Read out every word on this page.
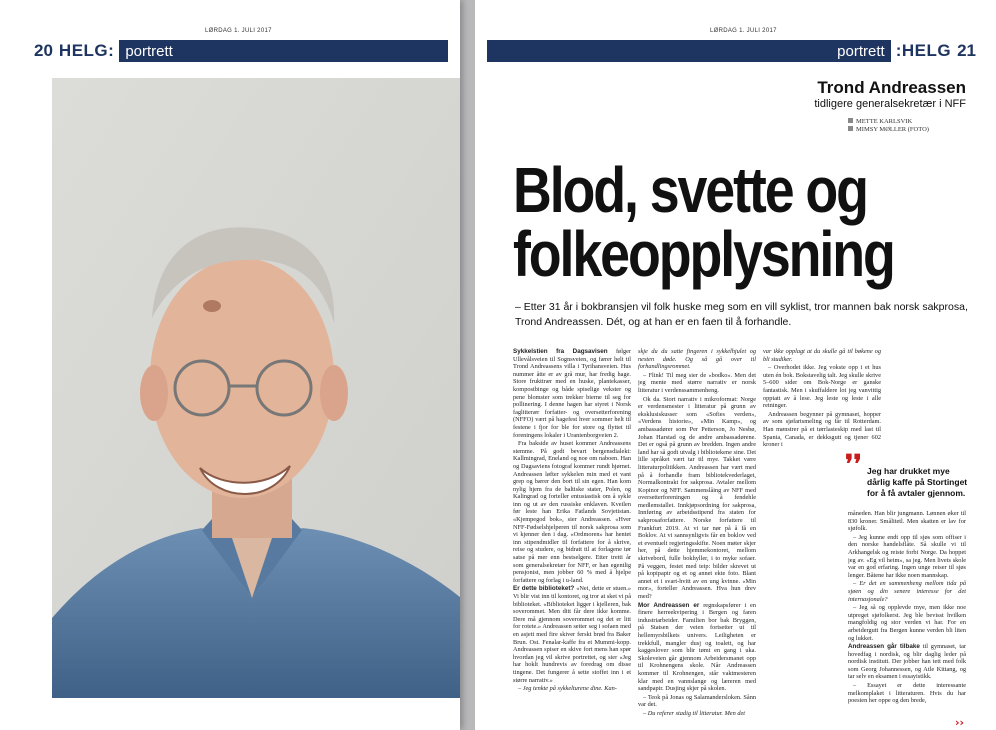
LØRDAG 1. JULI 2017
20 HELG: portrett
LØRDAG 1. JULI 2017
portrett :HELG 21
Trond Andreassen
tidligere generalsekretær i NFF
METTE KARLSVIK
MIMSY MØLLER (FOTO)
Blod, svette og
folkeopplysning
– Etter 31 år i bokbransjen vil folk huske meg som en vill syklist, tror mannen bak norsk sakprosa, Trond Andreassen. Dét, og at han er en faen til å forhandle.

Sykkelstien fra Dagsavisen følger Ullevålsveien til Sognsveien, og færer helt til Trond Andreassens villa i Tyrihansveien. Hus nummer åtte er av grå mur, har fredig hage. Store frukttrær med en huske, plantekasser, kompostbinge og både spiselige vekster og pene blomster som trekker bierne til seg for pollinering. I denne hagen har styret i Norsk faglitterær forfatter- og oversetterforening (NFFO) vært på hagefest hver sommer helt til festene i fjor for ble for store og flyttet til foreningens lokaler i Uranienborgveien 2.

Fra bakside av huset kommer Andreassens stemme. På godt bevart bergensdialekt: Kallmingrad, Eneland og noe om naboen. Han og Dagsaviens fotograf kommer rundt hjørnet. Andreassen løfter sykkelen min med et vant grep og bærer den bort til sin egen. Han kom nylig hjem fra de baltiske stater, Polen, og Kalingrad og forteller entusiastisk om å sykle inn og ut av den russiske enklaven. Kveilen før leste han Erika Fatlands Sovjetistan. «Kjempegod bok», sier Andreassen. «Hver NFF-Fødselshjelperen til norsk sakprosa som vi kjenner den i dag. «Ordmoren» har hentet inn stipendmidler til forfattere for å skrive, reise og studere, og bidratt til at forlagene tør satse på mer enn bestselgere. Etter tretti år som generalsekretær for NFF, er han egentlig pensjonist, men jobber 60 % med å hjelpe forfattere og forlag i u-land.

Er dette biblioteket? «Nei, dette er stuen.» Vi blir vist inn til kontoret, og tror at sket vi på biblioteket. «Biblioteket ligger i kjelleren, bak soverommet. Men ditt får dere ikke komme. Dere må gjennom soverommet og det er litt for rotete.» Andreassen setter seg i sofaen med en asjett med fire skiver ferskt brød fra Baker Brun. Ost. Fenalar-kaffe fra et Mummi-kopp. Andreassen spiser en skive fort mens han spør hvordan jeg vil skrive portrettet, og sier «Jeg har hoklt hundrevis av foredrag om disse tingene. Det fungerer å sette stoffet inn i et større narrativ.»

– Jeg tenkte på sykkelturene dine. Kan-

skje du du satte fingeren i sykkelhjulet og nesten døde. Og så gå over til forhandlingsrommet.

– Flink! Til meg sier de «bodko». Men det jeg mente med større narrativ er norsk litteratur i verdenssammenheng.

Ok da. Stort narrativ i mikroformat: Norge er verdensmester i litteratur på grunn av eksklusiskusser som «Sofies verden», «Verdens historie», «Min Kamp», og ambassadører som Per Petterson, Jo Nesbø, Johan Harstad og de andre ambassadørene. Det er også på grunn av bredden. Ingen andre land har så godt utvalg i bibliotekene sine. Det lille språket vært tar til mye. Takket være litteraturpolitikken. Andreassen har vært med på å forhandle fram bibliotekvederlaget, Normalkontrakt for sakprosa. Avtaler mellom Kopinor og NFF. Sammenslåing av NFF med oversetterforeningen og å fendehle medlemstallet. Innkjøpsordning for sakprosa, Innføring av arbeidsstipend fra staten for sakprosaforfattere. Norske forfattere til Frankfurt 2019. At vi tar nør på å få en Boklov. At vi sannsynligvis får en boklov ved et eventuelt regjeringsskifte. Noen møter skjer her, på dette hjemmekontoret, mellom skrivebord, fulle bokhyller, i to myke sofaer. På veggen, festet med teip: bilder skrevet ut på kopipapir og et og annet ekte foto. Blant annet et i svart-hvitt av en ung kvinne. «Min mor», forteller Andreassen. Hva hun drev med?

Mor Andreassen er regnskapsfører i en finere herreekvipering i Bergen og faren industriarbeider. Familien bor bak Bryggen, på Statsen der veien fortsetter ut til hellemyrsbilkets univers. Leiligheten er trekkfull, mangler dusj og toalett, og har kaggeslover som blir tømt en gang i uka. Skoleveien går gjennom Arbeidersmanet opp til Krohnengens skole. Når Andreassen kommer til Krohnengen, står vaktmesteren klar med en vannslange og læreren med sandpapir. Dusjing skjer på skolen.

– Teok på Jonas og Salamandersloken. Sånn var det.

– Du referer stadig til litteratur. Men det

var ikke opplagt at du skulle gå til bøkene og bli studiker.

– Overhodet ikke. Jeg vokste opp i et hus uten én bok. Bokstavelig talt. Jeg skulle skrive 5–600 sider om Bok-Norge er ganske fantastisk. Men i skuffaldere lot jeg vanvittig opptatt av å lese. Jeg leste og leste i alle retninger.

Andreassen begynner på gymnaset, hopper av som sjøfartsmeling og får til Rotterdam. Han mønstrer på et tørrlasteskip med last til Spania, Canada, er dekksgutt og tjener 602 kroner i

❜❜ Jeg har drukket mye dårlig kaffe på Stortinget for å få avtaler gjennom.

måneden. Han blir jungmann. Lønnen øker til 830 kroner. Smålitetl. Men skatten er lav for sjøfolk.

– Jeg kunne endt opp til sjøs som offiser i den norske handelsflåte. Så skulle vi til Arkhangelsk og reiste forbi Norge. Da hoppet jeg av. «Eg vil heim», sa jeg. Men livets skole var en god erfaring. Ingen unge reiser til sjøs lenger. Båtene har ikke noen mannskap.

– Er det en sammenheng mellom tida på sjøen og din senere interesse for det internasjonale?

– Jeg så og opplevde mye, men ikke noe utpreget sjøfolkerst. Jeg ble bevisst hvilken mangfoldig og stor verden vi har. For en arbeidergutt fra Bergen kunne verden bli liten og lukket.

Andreassen går tilbake til gymnaset, tar hovedfag i nordisk, og blir daglig leder på nordisk institutt. Der jobber han tett med folk som Georg Johannessen, og Atle Kittang, og tar selv en eksamen i essayistikk.

– Essayet er dette interessante melkomplaket i litteraturen. Hvis du har poesien her oppe og den brede,

››
